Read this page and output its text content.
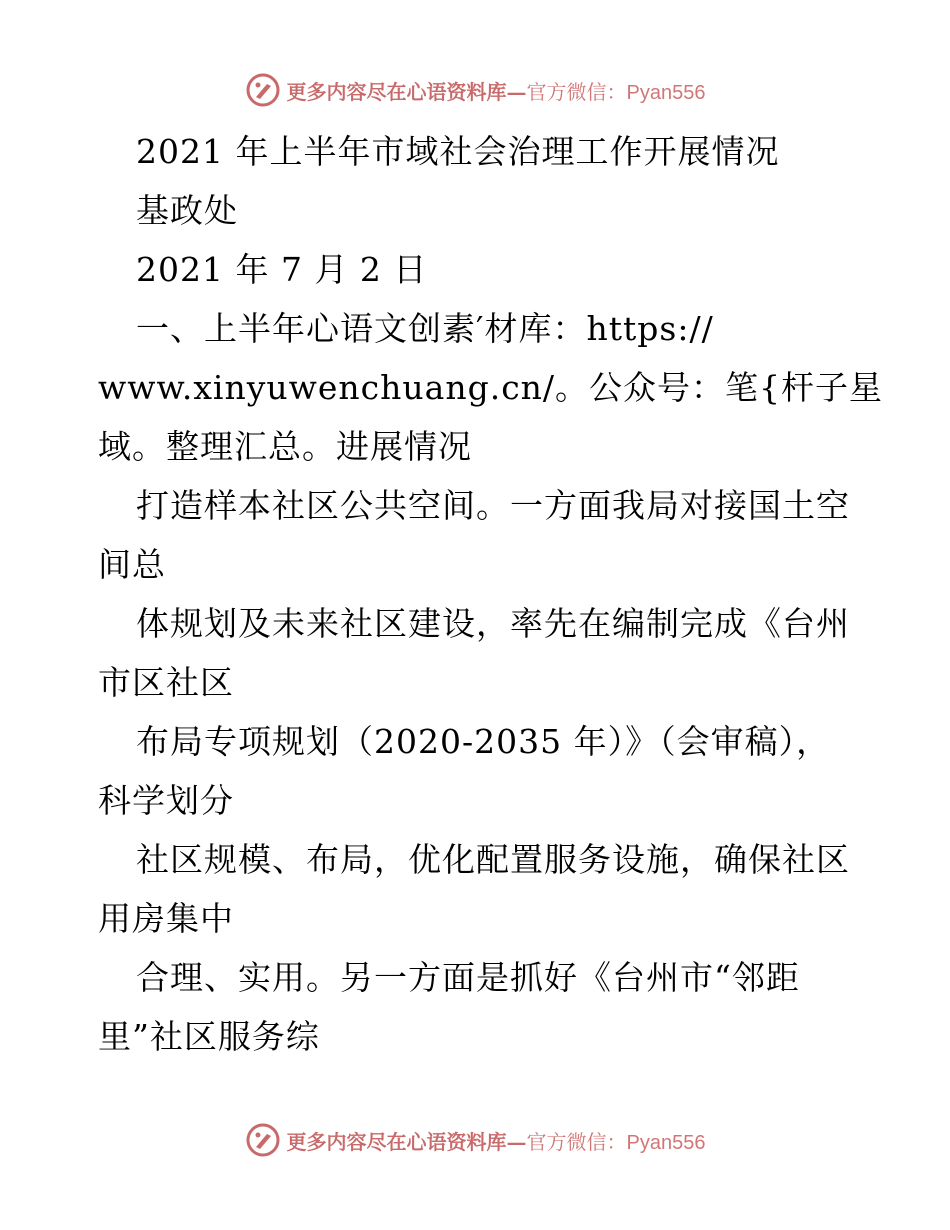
更多内容尽在心语资料库—官方微信：Pyan556
2021 年上半年市域社会治理工作开展情况
基政处
2021 年 7 月 2 日
一、上半年心语文创素′材库：https://
www.xinyuwenchuang.cn/。公众号：笔{杆子星
域。整理汇总。进展情况
打造样本社区公共空间。一方面我局对接国土空
间总
体规划及未来社区建设，率先在编制完成《台州
市区社区
布局专项规划（2020-2035 年）》（会审稿），
科学划分
社区规模、布局，优化配置服务设施，确保社区
用房集中
合理、实用。另一方面是抓好《台州市“邻距
里”社区服务综
更多内容尽在心语资料库—官方微信：Pyan556
